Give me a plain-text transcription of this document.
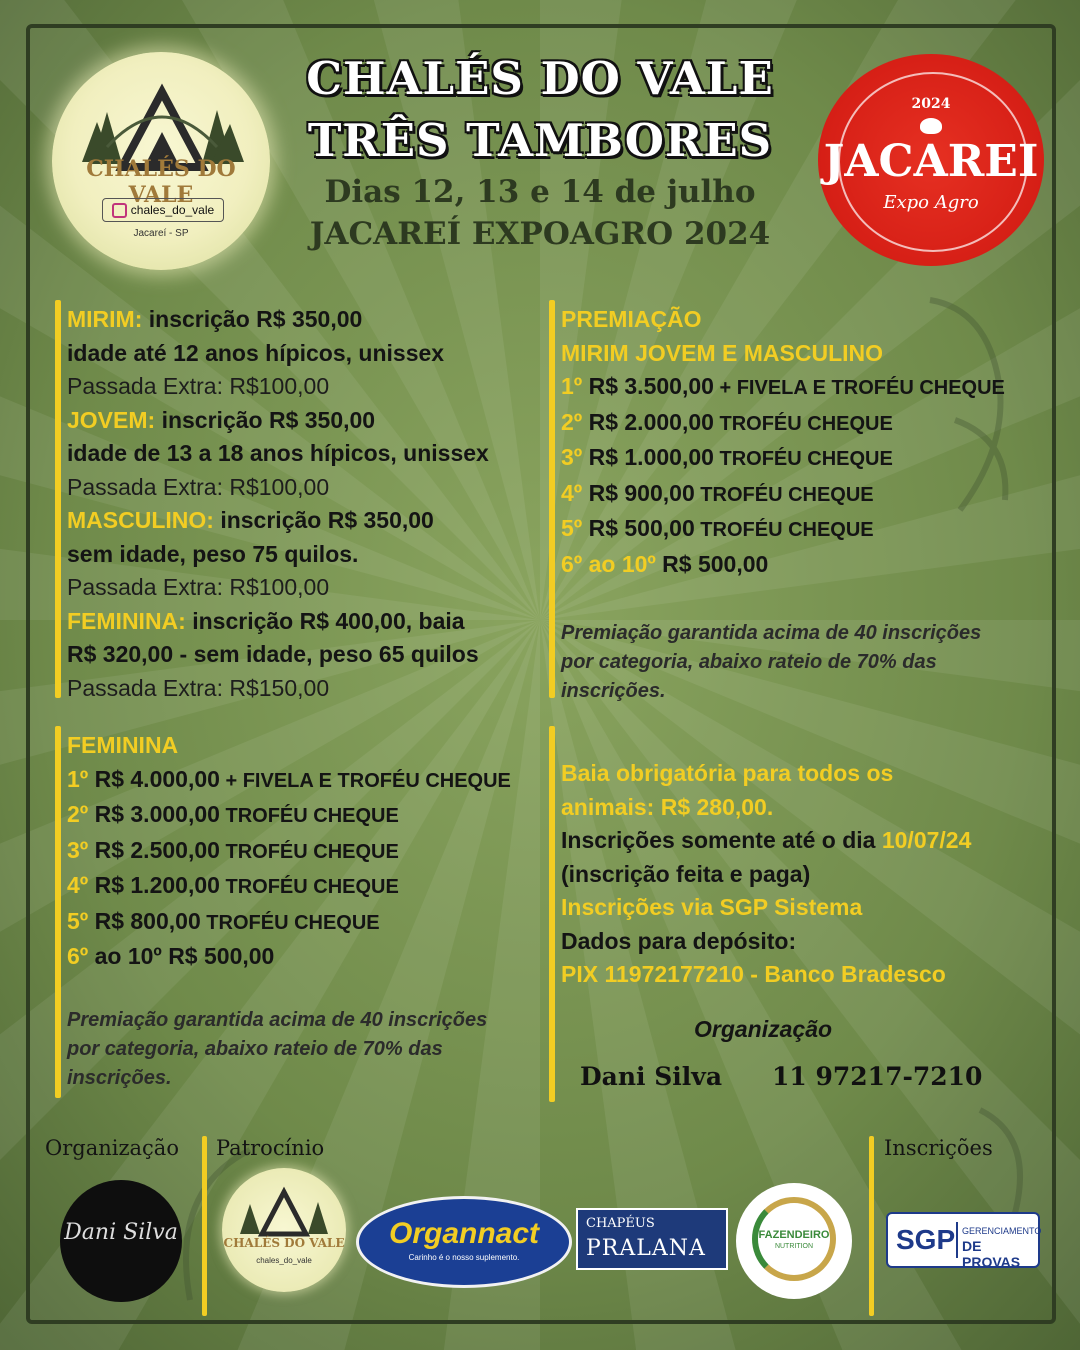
CHALÉS DO VALE
chales_do_vale
Jacareí - SP
CHALÉS DO VALE
TRÊS TAMBORES
Dias 12, 13 e 14 de julho
JACAREÍ EXPOAGRO 2024
2024
JACAREI
Expo Agro
MIRIM: inscrição R$ 350,00
idade até 12 anos hípicos, unissex
Passada Extra: R$100,00
JOVEM: inscrição R$ 350,00
idade de 13 a 18 anos hípicos, unissex
Passada Extra: R$100,00
MASCULINO: inscrição R$ 350,00
sem idade, peso 75 quilos.
Passada Extra: R$100,00
FEMININA: inscrição R$ 400,00, baia
R$ 320,00 - sem idade, peso 65 quilos
Passada Extra: R$150,00
PREMIAÇÃO
MIRIM JOVEM E MASCULINO
1º R$ 3.500,00 + FIVELA E TROFÉU CHEQUE
2º R$ 2.000,00 TROFÉU CHEQUE
3º R$ 1.000,00 TROFÉU CHEQUE
4º R$ 900,00 TROFÉU CHEQUE
5º R$ 500,00 TROFÉU CHEQUE
6º ao 10º R$ 500,00
Premiação garantida acima de 40 inscrições por categoria, abaixo rateio de 70% das inscrições.
FEMININA
1º R$ 4.000,00 + FIVELA E TROFÉU CHEQUE
2º R$ 3.000,00 TROFÉU CHEQUE
3º R$ 2.500,00 TROFÉU CHEQUE
4º R$ 1.200,00 TROFÉU CHEQUE
5º R$ 800,00 TROFÉU CHEQUE
6º ao 10º R$ 500,00
Premiação garantida acima de 40 inscrições por categoria, abaixo rateio de 70% das inscrições.
Baia obrigatória para todos os
animais: R$ 280,00.
Inscrições somente até o dia 10/07/24
(inscrição feita e paga)
Inscrições via SGP Sistema
Dados para depósito:
PIX 11972177210 - Banco Bradesco
Organização
Dani Silva 11 97217-7210
Organização Patrocínio	Inscrições
Dani Silva	CHALÉS DO VALE
chales_do_vale
Organnact
Carinho é o nosso suplemento.
CHAPÉUS
PRALANA
FAZENDEIRO
NUTRITION	SGP GERENCIAMENTO
DE PROVAS
